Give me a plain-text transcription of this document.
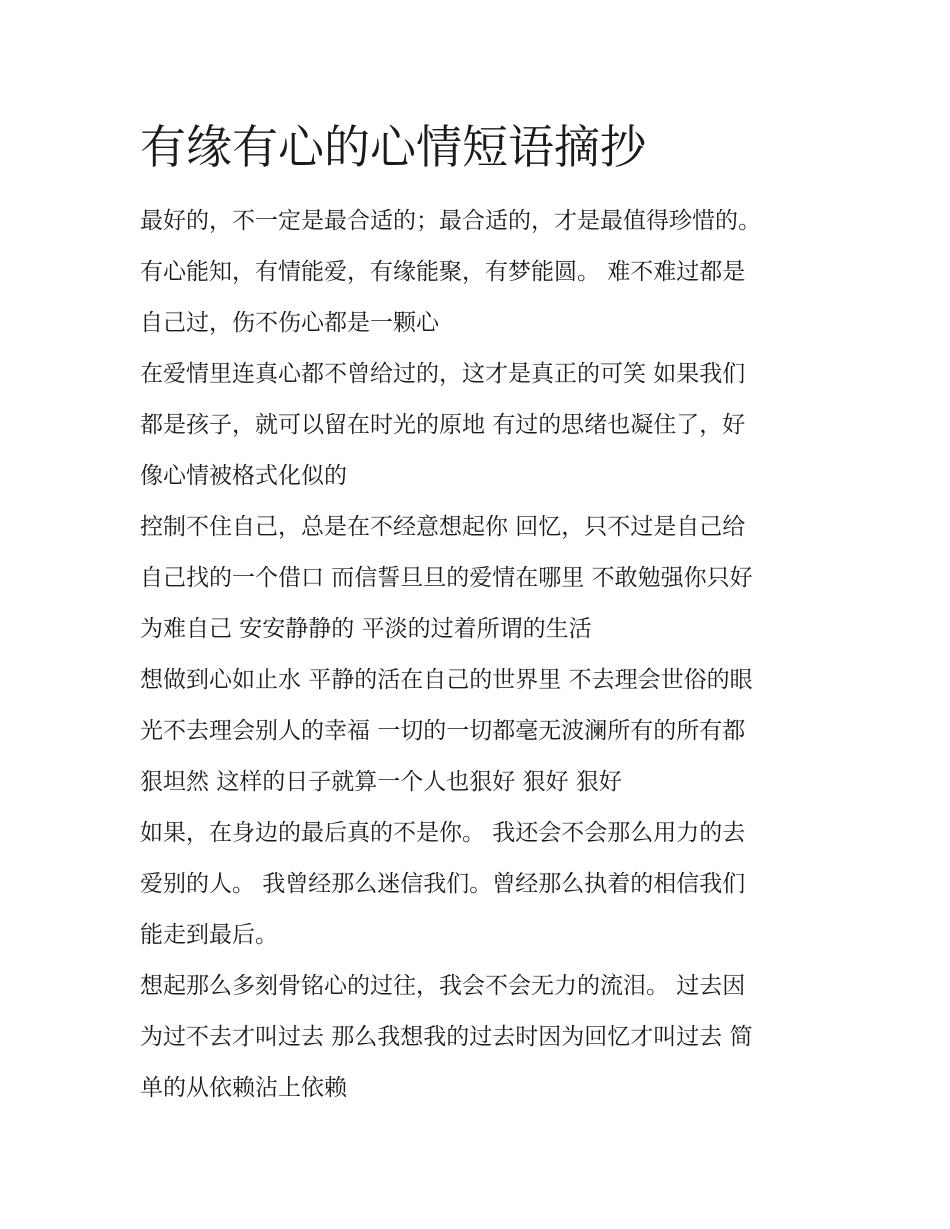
有缘有心的心情短语摘抄
最好的，不一定是最合适的；最合适的，才是最值得珍惜的。
有心能知，有情能爱，有缘能聚，有梦能圆。 难不难过都是
自己过，伤不伤心都是一颗心
在爱情里连真心都不曾给过的，这才是真正的可笑 如果我们
都是孩子，就可以留在时光的原地 有过的思绪也凝住了，好
像心情被格式化似的
控制不住自己，总是在不经意想起你 回忆，只不过是自己给
自己找的一个借口 而信誓旦旦的爱情在哪里 不敢勉强你只好
为难自己 安安静静的 平淡的过着所谓的生活
想做到心如止水 平静的活在自己的世界里 不去理会世俗的眼
光不去理会别人的幸福 一切的一切都毫无波澜所有的所有都
狠坦然 这样的日子就算一个人也狠好 狠好 狠好
如果，在身边的最后真的不是你。 我还会不会那么用力的去
爱别的人。 我曾经那么迷信我们。曾经那么执着的相信我们
能走到最后。
想起那么多刻骨铭心的过往，我会不会无力的流泪。 过去因
为过不去才叫过去 那么我想我的过去时因为回忆才叫过去 简
单的从依赖沾上依赖
